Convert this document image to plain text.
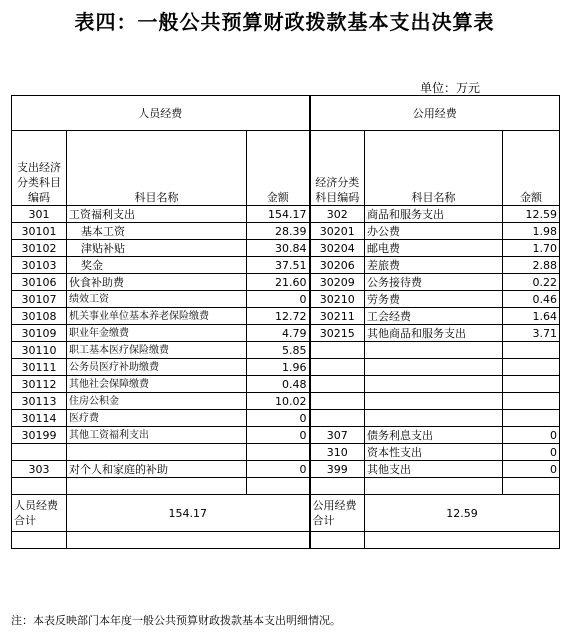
表四：一般公共预算财政拨款基本支出决算表
单位：万元
人员经费			公用经费		
支出经济分类科目编码	科目名称	金额	经济分类科目编码	科目名称	金额
301	工资福利支出	154.17	302	商品和服务支出	12.59
30101	基本工资	28.39	30201	办公费	1.98
30102	津贴补贴	30.84	30204	邮电费	1.70
30103	奖金	37.51	30206	差旅费	2.88
30106	伙食补助费	21.60	30209	公务接待费	0.22
30107	绩效工资	0	30210	劳务费	0.46
30108	机关事业单位基本养老保险缴费	12.72	30211	工会经费	1.64
30109	职业年金缴费	4.79	30215	其他商品和服务支出	3.71
30110	职工基本医疗保险缴费	5.85			
30111	公务员医疗补助缴费	1.96			
30112	其他社会保障缴费	0.48			
30113	住房公积金	10.02			
30114	医疗费	0			
30199	其他工资福利支出	0	307	债务利息支出	0
			310	资本性支出	0
303	对个人和家庭的补助	0	399	其他支出	0

人员经费合计	154.17		公用经费合计	12.59	

注：本表反映部门本年度一般公共预算财政拨款基本支出明细情况。
